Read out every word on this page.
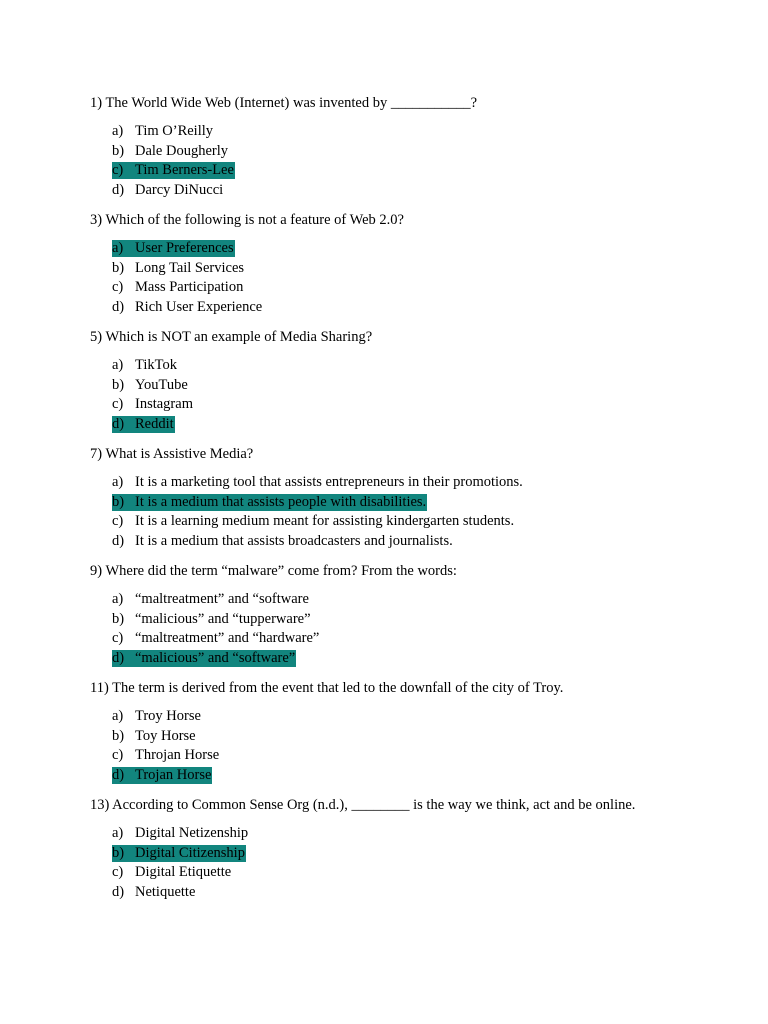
1) The World Wide Web (Internet) was invented by ___________?
a) Tim O’Reilly
b) Dale Dougherly
c) Tim Berners-Lee
d) Darcy DiNucci
3) Which of the following is not a feature of Web 2.0?
a) User Preferences
b) Long Tail Services
c) Mass Participation
d) Rich User Experience
5) Which is NOT an example of Media Sharing?
a) TikTok
b) YouTube
c) Instagram
d) Reddit
7) What is Assistive Media?
a) It is a marketing tool that assists entrepreneurs in their promotions.
b) It is a medium that assists people with disabilities.
c) It is a learning medium meant for assisting kindergarten students.
d) It is a medium that assists broadcasters and journalists.
9) Where did the term “malware” come from? From the words:
a) “maltreatment” and “software
b) “malicious” and “tupperware”
c) “maltreatment” and “hardware”
d) “malicious” and “software”
11) The term is derived from the event that led to the downfall of the city of Troy.
a) Troy Horse
b) Toy Horse
c) Throjan Horse
d) Trojan Horse
13) According to Common Sense Org (n.d.), ________ is the way we think, act and be online.
a) Digital Netizenship
b) Digital Citizenship
c) Digital Etiquette
d) Netiquette
